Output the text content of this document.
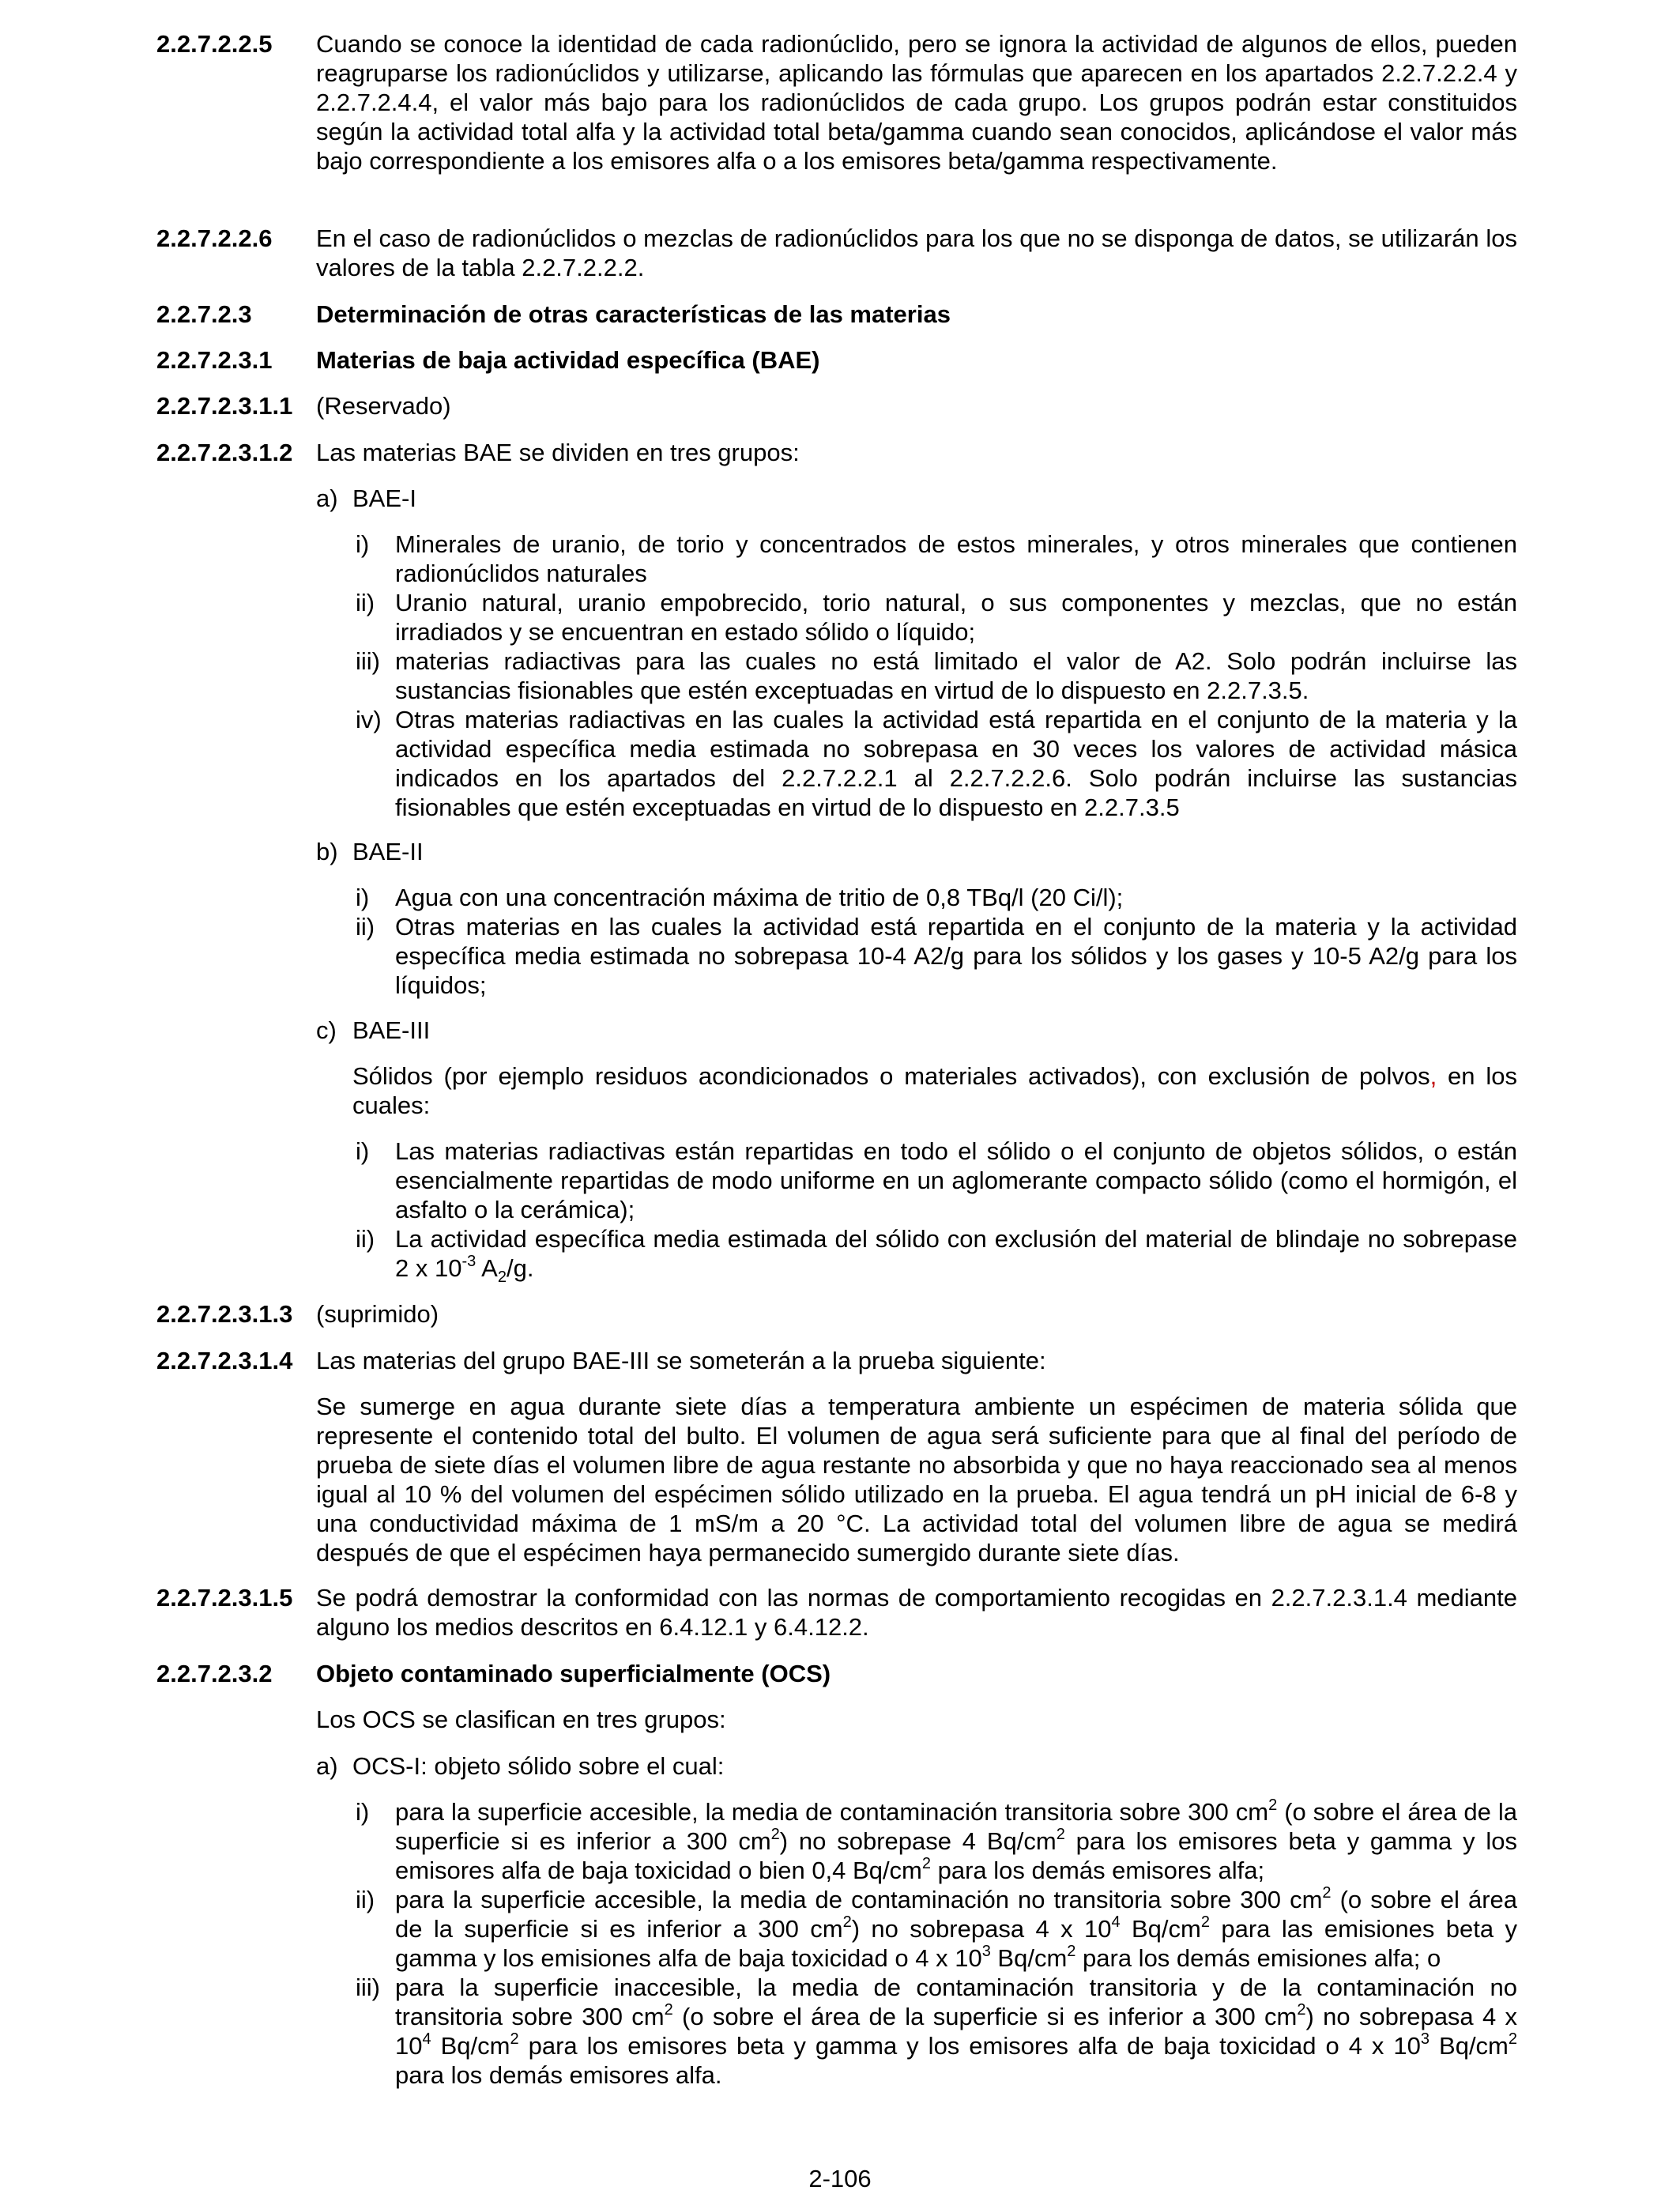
2.2.7.2.2.5 Cuando se conoce la identidad de cada radionúclido, pero se ignora la actividad de algunos de ellos, pueden reagruparse los radionúclidos y utilizarse, aplicando las fórmulas que aparecen en los apartados 2.2.7.2.2.4 y 2.2.7.2.4.4, el valor más bajo para los radionúclidos de cada grupo. Los grupos podrán estar constituidos según la actividad total alfa y la actividad total beta/gamma cuando sean conocidos, aplicándose el valor más bajo correspondiente a los emisores alfa o a los emisores beta/gamma respectivamente.
2.2.7.2.2.6 En el caso de radionúclidos o mezclas de radionúclidos para los que no se disponga de datos, se utilizarán los valores de la tabla 2.2.7.2.2.2.
2.2.7.2.3	Determinación de otras características de las materias
2.2.7.2.3.1 Materias de baja actividad específica (BAE)
2.2.7.2.3.1.1 (Reservado)
2.2.7.2.3.1.2 Las materias BAE se dividen en tres grupos:
a) BAE-I
i) Minerales de uranio, de torio y concentrados de estos minerales, y otros minerales que contienen radionúclidos naturales
ii) Uranio natural, uranio empobrecido, torio natural, o sus componentes y mezclas, que no están irradiados y se encuentran en estado sólido o líquido;
iii) materias radiactivas para las cuales no está limitado el valor de A2. Solo podrán incluirse las sustancias fisionables que estén exceptuadas en virtud de lo dispuesto en 2.2.7.3.5.
iv) Otras materias radiactivas en las cuales la actividad está repartida en el conjunto de la materia y la actividad específica media estimada no sobrepasa en 30 veces los valores de actividad másica indicados en los apartados del 2.2.7.2.2.1 al 2.2.7.2.2.6. Solo podrán incluirse las sustancias fisionables que estén exceptuadas en virtud de lo dispuesto en 2.2.7.3.5
b) BAE-II
i) Agua con una concentración máxima de tritio de 0,8 TBq/l (20 Ci/l);
ii) Otras materias en las cuales la actividad está repartida en el conjunto de la materia y la actividad específica media estimada no sobrepasa 10-4 A2/g para los sólidos y los gases y 10-5 A2/g para los líquidos;
c) BAE-III
Sólidos (por ejemplo residuos acondicionados o materiales activados), con exclusión de polvos, en los cuales:
i) Las materias radiactivas están repartidas en todo el sólido o el conjunto de objetos sólidos, o están esencialmente repartidas de modo uniforme en un aglomerante compacto sólido (como el hormigón, el asfalto o la cerámica);
ii) La actividad específica media estimada del sólido con exclusión del material de blindaje no sobrepase 2 x $10^{-3}$ $A_2/g$.
2.2.7.2.3.1.3 (suprimido)
2.2.7.2.3.1.4 Las materias del grupo BAE-III se someterán a la prueba siguiente:
Se sumerge en agua durante siete días a temperatura ambiente un espécimen de materia sólida que represente el contenido total del bulto. El volumen de agua será suficiente para que al final del período de prueba de siete días el volumen libre de agua restante no absorbida y que no haya reaccionado sea al menos igual al 10 % del volumen del espécimen sólido utilizado en la prueba. El agua tendrá un pH inicial de 6-8 y una conductividad máxima de 1 mS/m a 20 °C. La actividad total del volumen libre de agua se medirá después de que el espécimen haya permanecido sumergido durante siete días.
2.2.7.2.3.1.5 Se podrá demostrar la conformidad con las normas de comportamiento recogidas en 2.2.7.2.3.1.4 mediante alguno los medios descritos en 6.4.12.1 y 6.4.12.2.
2.2.7.2.3.2 Objeto contaminado superficialmente (OCS)
Los OCS se clasifican en tres grupos:
a) OCS-I: objeto sólido sobre el cual:
i) para la superficie accesible, la media de contaminación transitoria sobre 300 $cm^2$ (o sobre el área de la superficie si es inferior a 300 $cm^2$) no sobrepase 4 $Bq/cm^2$ para los emisores beta y gamma y los emisores alfa de baja toxicidad o bien 0,4 $Bq/cm^2$ para los demás emisores alfa;
ii) para la superficie accesible, la media de contaminación no transitoria sobre 300 $cm^2$ (o sobre el área de la superficie si es inferior a 300 $cm^2$) no sobrepasa 4 x $10^4$ $Bq/cm^2$ para las emisiones beta y gamma y los emisiones alfa de baja toxicidad o 4 x $10^3$ $Bq/cm^2$ para los demás emisiones alfa; o
iii) para la superficie inaccesible, la media de contaminación transitoria y de la contaminación no transitoria sobre 300 $cm^2$ (o sobre el área de la superficie si es inferior a 300 $cm^2$) no sobrepasa 4 x $10^4$ $Bq/cm^2$ para los emisores beta y gamma y los emisores alfa de baja toxicidad o 4 x $10^3$ $Bq/cm^2$ para los demás emisores alfa.
2-106
